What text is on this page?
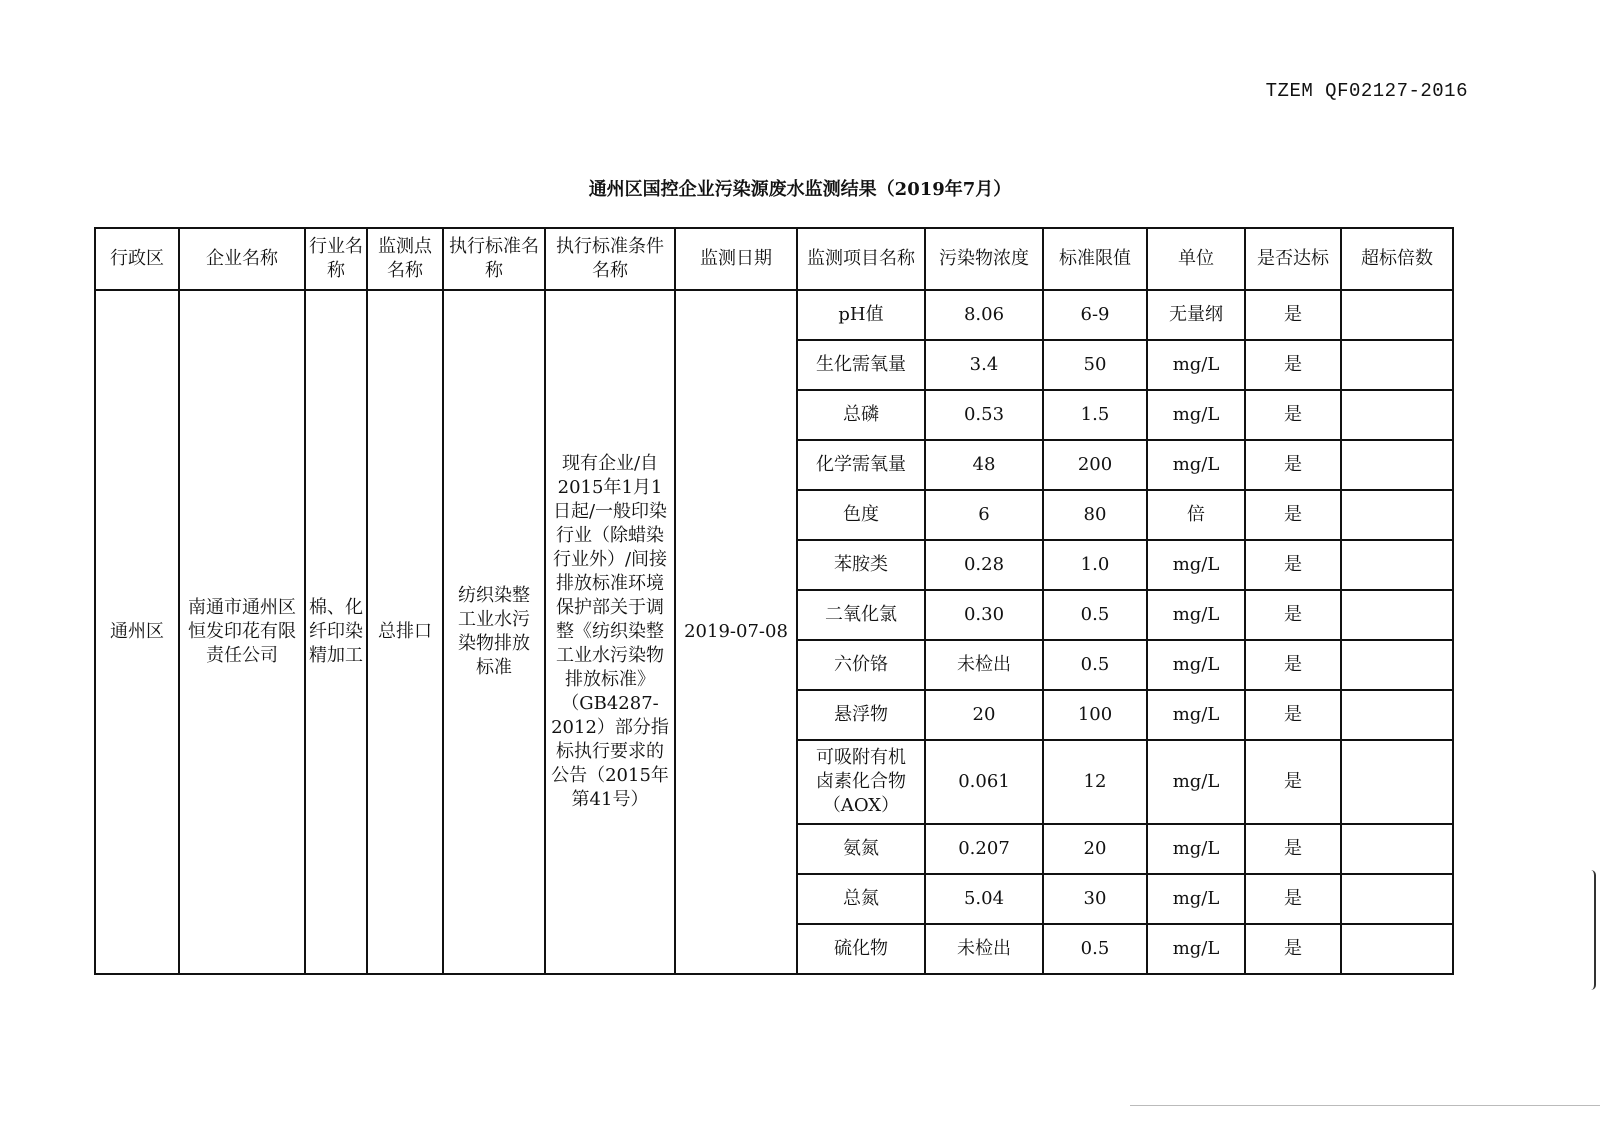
TZEM QF02127-2016
通州区国控企业污染源废水监测结果（2019年7月）
行政区	企业名称	行业名称	监测点名称	执行标准名称	执行标准条件名称	监测日期	监测项目名称	污染物浓度	标准限值	单位	是否达标	超标倍数
通州区	南通市通州区恒发印花有限责任公司	棉、化纤印染精加工	总排口	纺织染整工业水污染物排放标准	现有企业/自2015年1月1日起/一般印染行业（除蜡染行业外）/间接排放标准环境保护部关于调整《纺织染整工业水污染物排放标准》（GB4287-2012）部分指标执行要求的公告（2015年第41号）	2019-07-08	pH值	8.06	6-9	无量纲	是	
							生化需氧量	3.4	50	mg/L	是	
							总磷	0.53	1.5	mg/L	是	
							化学需氧量	48	200	mg/L	是	
							色度	6	80	倍	是	
							苯胺类	0.28	1.0	mg/L	是	
							二氧化氯	0.30	0.5	mg/L	是	
							六价铬	未检出	0.5	mg/L	是	
							悬浮物	20	100	mg/L	是	
							可吸附有机卤素化合物（AOX）	0.061	12	mg/L	是	
							氨氮	0.207	20	mg/L	是	
							总氮	5.04	30	mg/L	是	
							硫化物	未检出	0.5	mg/L	是	
